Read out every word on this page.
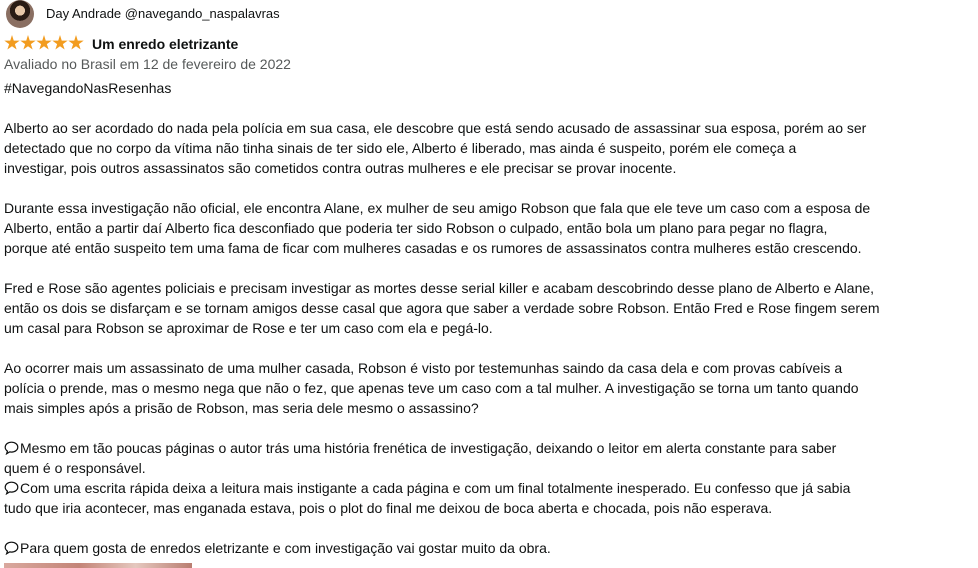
Day Andrade @navegando_naspalavras
Um enredo eletrizante
Avaliado no Brasil em 12 de fevereiro de 2022
#NavegandoNasResenhas
Alberto ao ser acordado do nada pela polícia em sua casa, ele descobre que está sendo acusado de assassinar sua esposa, porém ao ser
detectado que no corpo da vítima não tinha sinais de ter sido ele, Alberto é liberado, mas ainda é suspeito, porém ele começa a
investigar, pois outros assassinatos são cometidos contra outras mulheres e ele precisar se provar inocente.
Durante essa investigação não oficial, ele encontra Alane, ex mulher de seu amigo Robson que fala que ele teve um caso com a esposa de
Alberto, então a partir daí Alberto fica desconfiado que poderia ter sido Robson o culpado, então bola um plano para pegar no flagra,
porque até então suspeito tem uma fama de ficar com mulheres casadas e os rumores de assassinatos contra mulheres estão crescendo.
Fred e Rose são agentes policiais e precisam investigar as mortes desse serial killer e acabam descobrindo desse plano de Alberto e Alane,
então os dois se disfarçam e se tornam amigos desse casal que agora que saber a verdade sobre Robson. Então Fred e Rose fingem serem
um casal para Robson se aproximar de Rose e ter um caso com ela e pegá-lo.
Ao ocorrer mais um assassinato de uma mulher casada, Robson é visto por testemunhas saindo da casa dela e com provas cabíveis a
polícia o prende, mas o mesmo nega que não o fez, que apenas teve um caso com a tal mulher. A investigação se torna um tanto quando
mais simples após a prisão de Robson, mas seria dele mesmo o assassino?
Mesmo em tão poucas páginas o autor trás uma história frenética de investigação, deixando o leitor em alerta constante para saber
quem é o responsável.
Com uma escrita rápida deixa a leitura mais instigante a cada página e com um final totalmente inesperado. Eu confesso que já sabia
tudo que iria acontecer, mas enganada estava, pois o plot do final me deixou de boca aberta e chocada, pois não esperava.
Para quem gosta de enredos eletrizante e com investigação vai gostar muito da obra.
